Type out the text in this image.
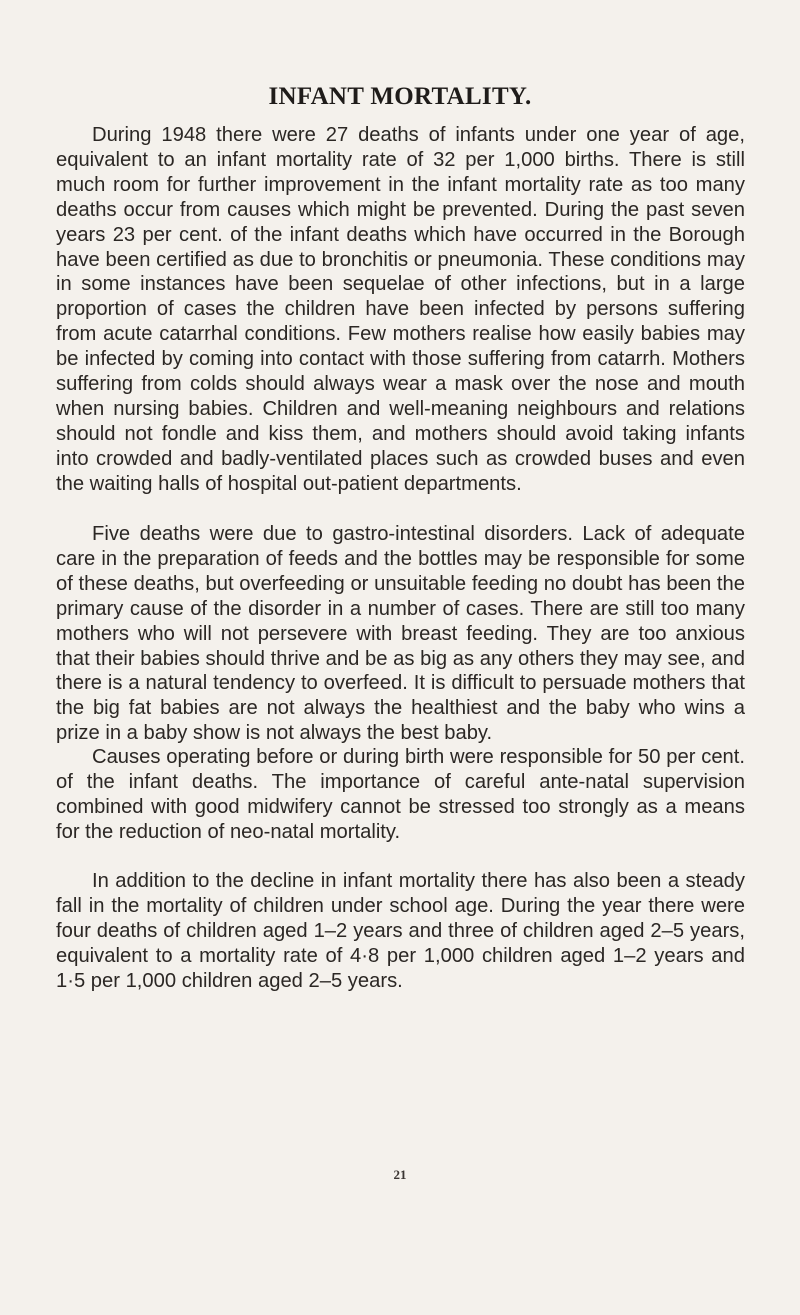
INFANT MORTALITY.

During 1948 there were 27 deaths of infants under one year of age, equivalent to an infant mortality rate of 32 per 1,000 births. There is still much room for further improvement in the infant mortality rate as too many deaths occur from causes which might be prevented. During the past seven years 23 per cent. of the infant deaths which have occurred in the Borough have been certified as due to bronchitis or pneumonia. These conditions may in some instances have been sequelae of other infections, but in a large proportion of cases the children have been infected by persons suffering from acute catarrhal conditions. Few mothers realise how easily babies may be infected by coming into contact with those suffering from catarrh. Mothers suffering from colds should always wear a mask over the nose and mouth when nursing babies. Children and well-meaning neighbours and relations should not fondle and kiss them, and mothers should avoid taking infants into crowded and badly-ventilated places such as crowded buses and even the waiting halls of hospital out-patient departments.

Five deaths were due to gastro-intestinal disorders. Lack of adequate care in the preparation of feeds and the bottles may be responsible for some of these deaths, but overfeeding or unsuitable feeding no doubt has been the primary cause of the disorder in a number of cases. There are still too many mothers who will not persevere with breast feeding. They are too anxious that their babies should thrive and be as big as any others they may see, and there is a natural tendency to overfeed. It is difficult to persuade mothers that the big fat babies are not always the healthiest and the baby who wins a prize in a baby show is not always the best baby.

Causes operating before or during birth were responsible for 50 per cent. of the infant deaths. The importance of careful ante-natal supervision combined with good midwifery cannot be stressed too strongly as a means for the reduction of neo-natal mortality.

In addition to the decline in infant mortality there has also been a steady fall in the mortality of children under school age. During the year there were four deaths of children aged 1–2 years and three of children aged 2–5 years, equivalent to a mortality rate of 4·8 per 1,000 children aged 1–2 years and 1·5 per 1,000 children aged 2–5 years.

21
